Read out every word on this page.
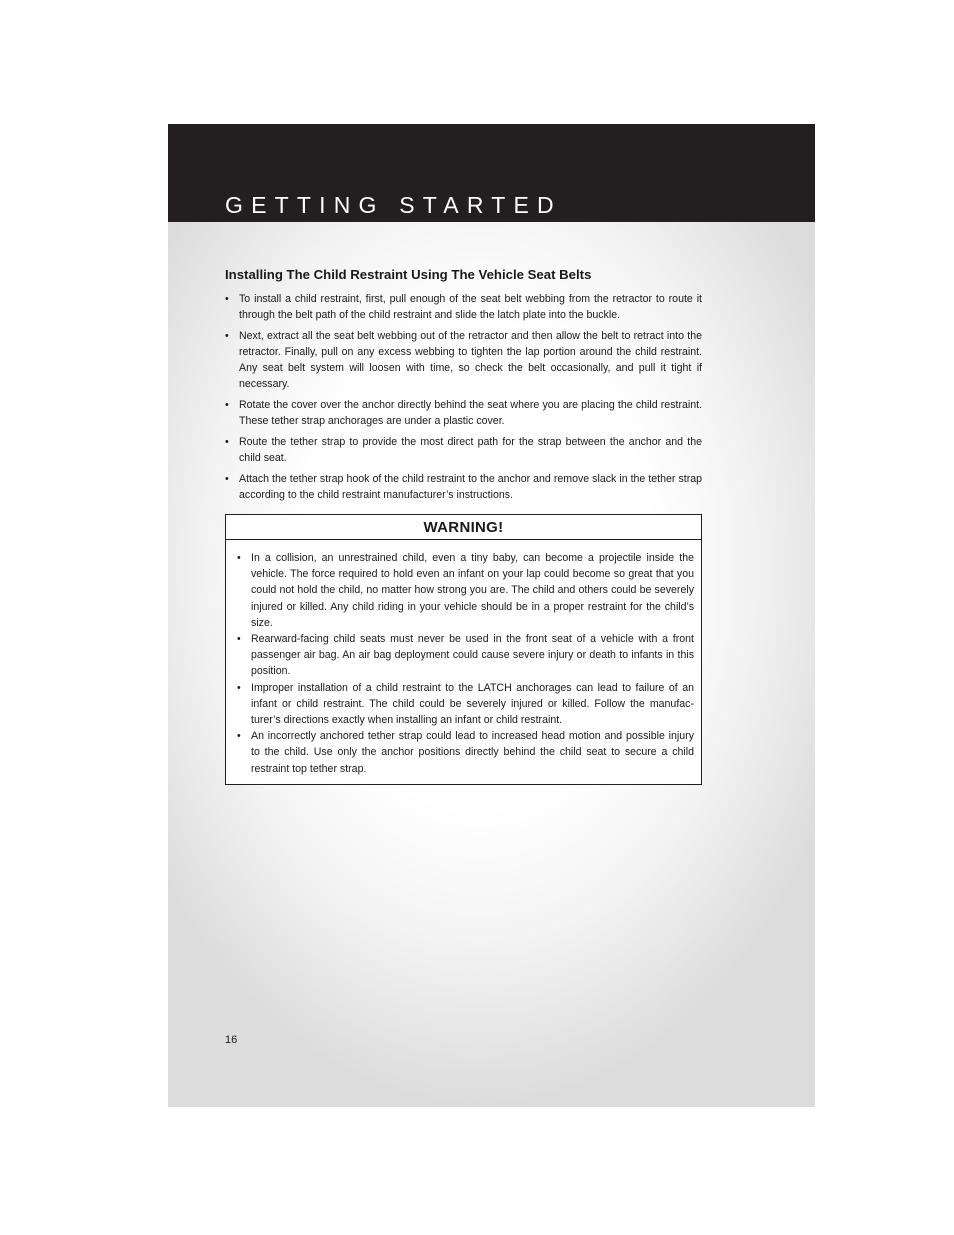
GETTING STARTED
Installing The Child Restraint Using The Vehicle Seat Belts
• To install a child restraint, first, pull enough of the seat belt webbing from the retractor to route it through the belt path of the child restraint and slide the latch plate into the buckle.
• Next, extract all the seat belt webbing out of the retractor and then allow the belt to retract into the retractor. Finally, pull on any excess webbing to tighten the lap portion around the child restraint. Any seat belt system will loosen with time, so check the belt occasionally, and pull it tight if necessary.
• Rotate the cover over the anchor directly behind the seat where you are placing the child restraint. These tether strap anchorages are under a plastic cover.
• Route the tether strap to provide the most direct path for the strap between the anchor and the child seat.
• Attach the tether strap hook of the child restraint to the anchor and remove slack in the tether strap according to the child restraint manufacturer’s instructions.
WARNING!
• In a collision, an unrestrained child, even a tiny baby, can become a projectile inside the vehicle. The force required to hold even an infant on your lap could become so great that you could not hold the child, no matter how strong you are. The child and others could be severely injured or killed. Any child riding in your vehicle should be in a proper restraint for the child’s size.
• Rearward-facing child seats must never be used in the front seat of a vehicle with a front passenger air bag. An air bag deployment could cause severe injury or death to infants in this position.
• Improper installation of a child restraint to the LATCH anchorages can lead to failure of an infant or child restraint. The child could be severely injured or killed. Follow the manufac-turer’s directions exactly when installing an infant or child restraint.
• An incorrectly anchored tether strap could lead to increased head motion and possible injury to the child. Use only the anchor positions directly behind the child seat to secure a child restraint top tether strap.
16
